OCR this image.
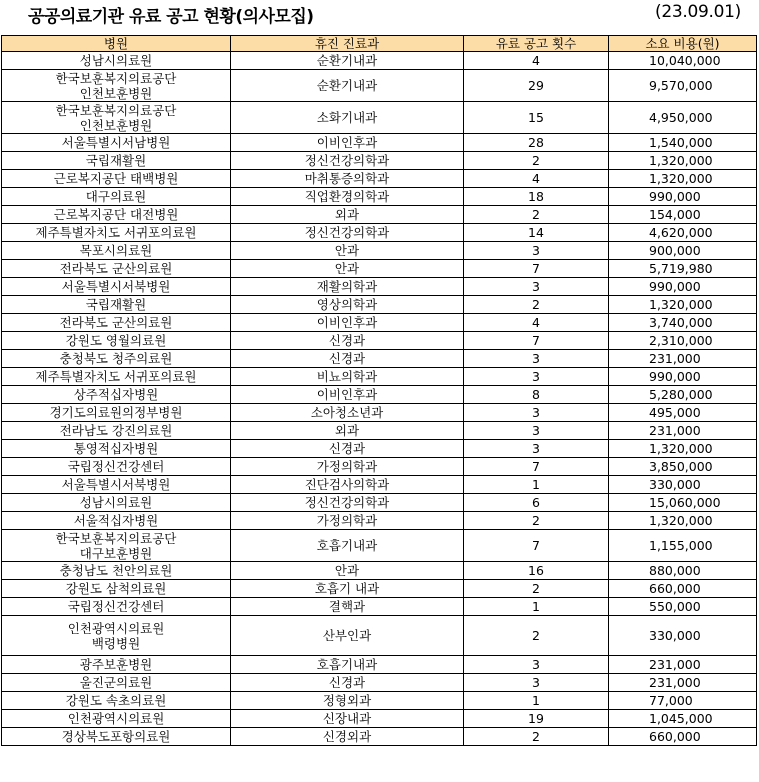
공공의료기관 유료 공고 현황(의사모집)	(23.09.01)
병원	휴진 진료과	유료 공고 횟수	소요 비용(원)

성남시의료원	순환기내과	4	10,040,000

한국보훈복지의료공단
인천보훈병원	순환기내과	29	9,570,000

한국보훈복지의료공단
인천보훈병원	소화기내과	15	4,950,000

서울특별시서남병원	이비인후과	28	1,540,000

국립재활원	정신건강의학과	2	1,320,000

근로복지공단 태백병원	마취통증의학과	4	1,320,000

대구의료원	직업환경의학과	18	990,000

근로복지공단 대전병원	외과	2	154,000

제주특별자치도 서귀포의료원	정신건강의학과	14	4,620,000

목포시의료원	안과	3	900,000

전라북도 군산의료원	안과	7	5,719,980

서울특별시서북병원	재활의학과	3	990,000

국립재활원	영상의학과	2	1,320,000

전라북도 군산의료원	이비인후과	4	3,740,000

강원도 영월의료원	신경과	7	2,310,000

충청북도 청주의료원	신경과	3	231,000

제주특별자치도 서귀포의료원	비뇨의학과	3	990,000

상주적십자병원	이비인후과	8	5,280,000

경기도의료원의정부병원	소아청소년과	3	495,000

전라남도 강진의료원	외과	3	231,000

통영적십자병원	신경과	3	1,320,000

국립정신건강센터	가정의학과	7	3,850,000

서울특별시서북병원	진단검사의학과	1	330,000

성남시의료원	정신건강의학과	6	15,060,000

서울적십자병원	가정의학과	2	1,320,000

한국보훈복지의료공단
대구보훈병원	호흡기내과	7	1,155,000

충청남도 천안의료원	안과	16	880,000

강원도 삼척의료원	호흡기 내과	2	660,000

국립정신건강센터	결핵과	1	550,000

인천광역시의료원
백령병원	산부인과	2	330,000

광주보훈병원	호흡기내과	3	231,000

울진군의료원	신경과	3	231,000

강원도 속초의료원	정형외과	1	77,000

인천광역시의료원	신장내과	19	1,045,000

경상북도포항의료원	신경외과	2	660,000
